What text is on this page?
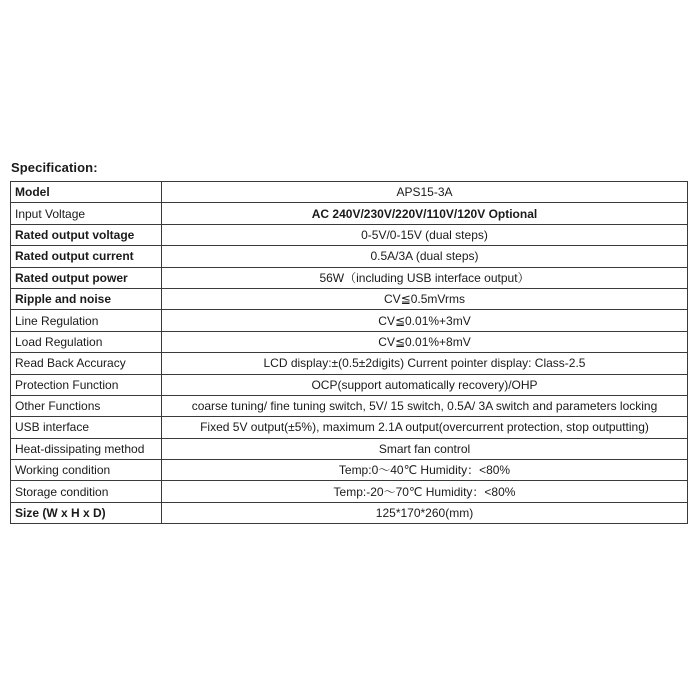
Specification:
Model	APS15-3A
Input Voltage	AC 240V/230V/220V/110V/120V Optional
Rated output voltage	0-5V/0-15V (dual steps)
Rated output current	0.5A/3A (dual steps)
Rated output power	56W（including USB interface output）
Ripple and noise	CV≦0.5mVrms
Line Regulation	CV≦0.01%+3mV
Load Regulation	CV≦0.01%+8mV
Read Back Accuracy	LCD display:±(0.5±2digits) Current pointer display: Class-2.5
Protection Function	OCP(support automatically recovery)/OHP
Other Functions	coarse tuning/ fine tuning switch, 5V/ 15 switch, 0.5A/ 3A switch and parameters locking
USB interface	Fixed 5V output(±5%), maximum 2.1A output(overcurrent protection, stop outputting)
Heat-dissipating method	Smart fan control
Working condition	Temp:0～40℃ Humidity：<80%
Storage condition	Temp:-20～70℃ Humidity：<80%
Size (W x H x D)	125*170*260(mm)
